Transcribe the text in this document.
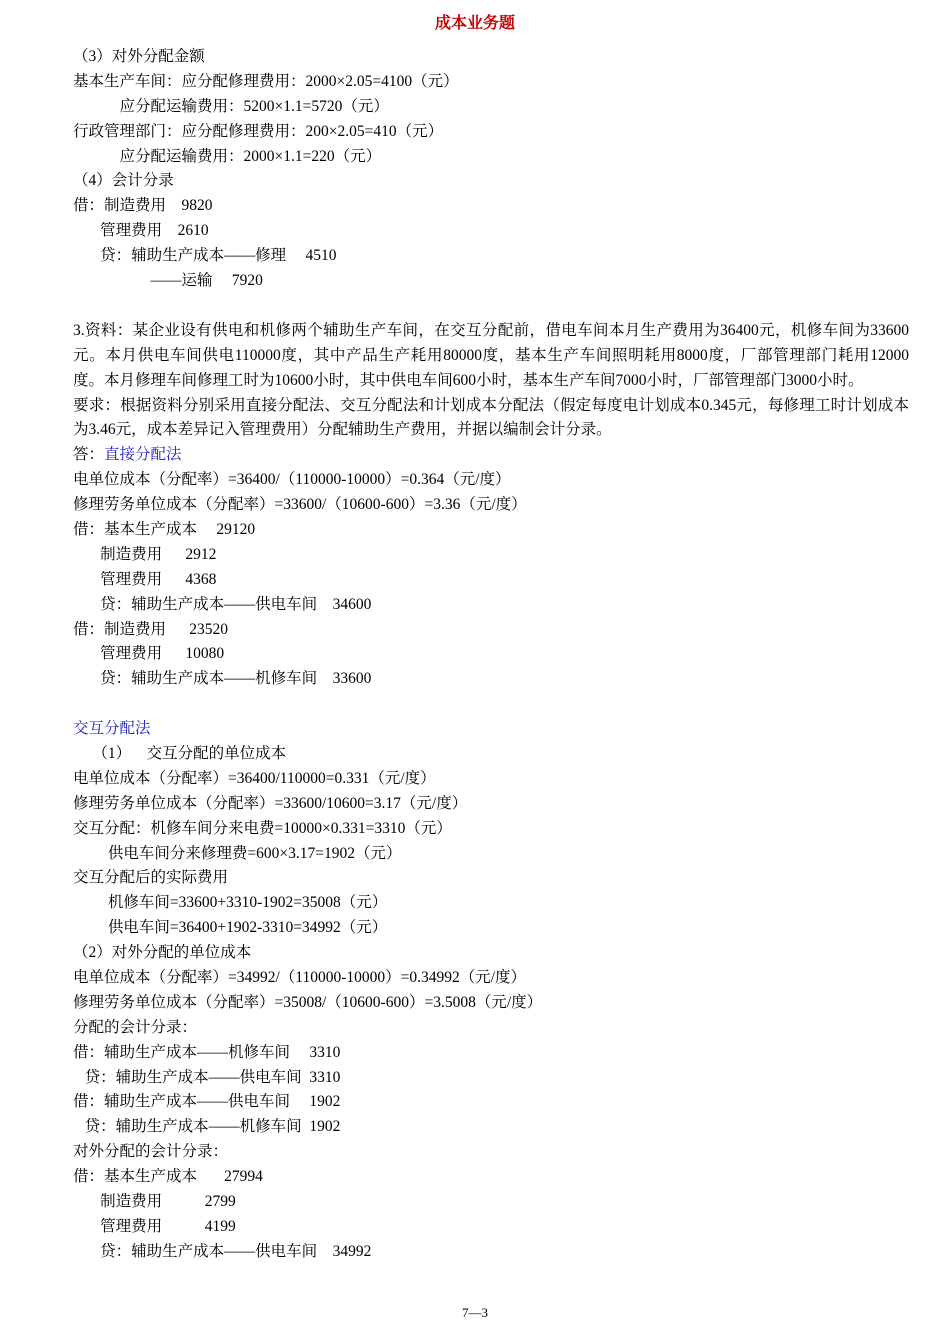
成本业务题
（3）对外分配金额
基本生产车间：应分配修理费用：2000×2.05=4100（元）
应分配运输费用：5200×1.1=5720（元）
行政管理部门：应分配修理费用：200×2.05=410（元）
应分配运输费用：2000×1.1=220（元）
（4）会计分录
借：制造费用    9820
管理费用    2610
贷：辅助生产成本——修理     4510
——运输     7920
3.资料：某企业设有供电和机修两个辅助生产车间，在交互分配前，借电车间本月生产费用为36400元，机修车间为33600元。本月供电车间供电110000度，其中产品生产耗用80000度，基本生产车间照明耗用8000度，厂部管理部门耗用12000度。本月修理车间修理工时为10600小时，其中供电车间600小时，基本生产车间7000小时，厂部管理部门3000小时。
要求：根据资料分别采用直接分配法、交互分配法和计划成本分配法（假定每度电计划成本0.345元，每修理工时计划成本为3.46元，成本差异记入管理费用）分配辅助生产费用，并据以编制会计分录。
答：直接分配法
电单位成本（分配率）=36400/（110000-10000）=0.364（元/度）
修理劳务单位成本（分配率）=33600/（10600-600）=3.36（元/度）
借：基本生产成本     29120
制造费用      2912
管理费用      4368
贷：辅助生产成本——供电车间    34600
借：制造费用      23520
管理费用      10080
贷：辅助生产成本——机修车间    33600
交互分配法
（1）    交互分配的单位成本
电单位成本（分配率）=36400/110000=0.331（元/度）
修理劳务单位成本（分配率）=33600/10600=3.17（元/度）
交互分配：机修车间分来电费=10000×0.331=3310（元）
供电车间分来修理费=600×3.17=1902（元）
交互分配后的实际费用
机修车间=33600+3310-1902=35008（元）
供电车间=36400+1902-3310=34992（元）
（2）对外分配的单位成本
电单位成本（分配率）=34992/（110000-10000）=0.34992（元/度）
修理劳务单位成本（分配率）=35008/（10600-600）=3.5008（元/度）
分配的会计分录：
借：辅助生产成本——机修车间     3310
贷：辅助生产成本——供电车间  3310
借：辅助生产成本——供电车间     1902
贷：辅助生产成本——机修车间  1902
对外分配的会计分录：
借：基本生产成本       27994
制造费用           2799
管理费用           4199
贷：辅助生产成本——供电车间    34992
7—3
